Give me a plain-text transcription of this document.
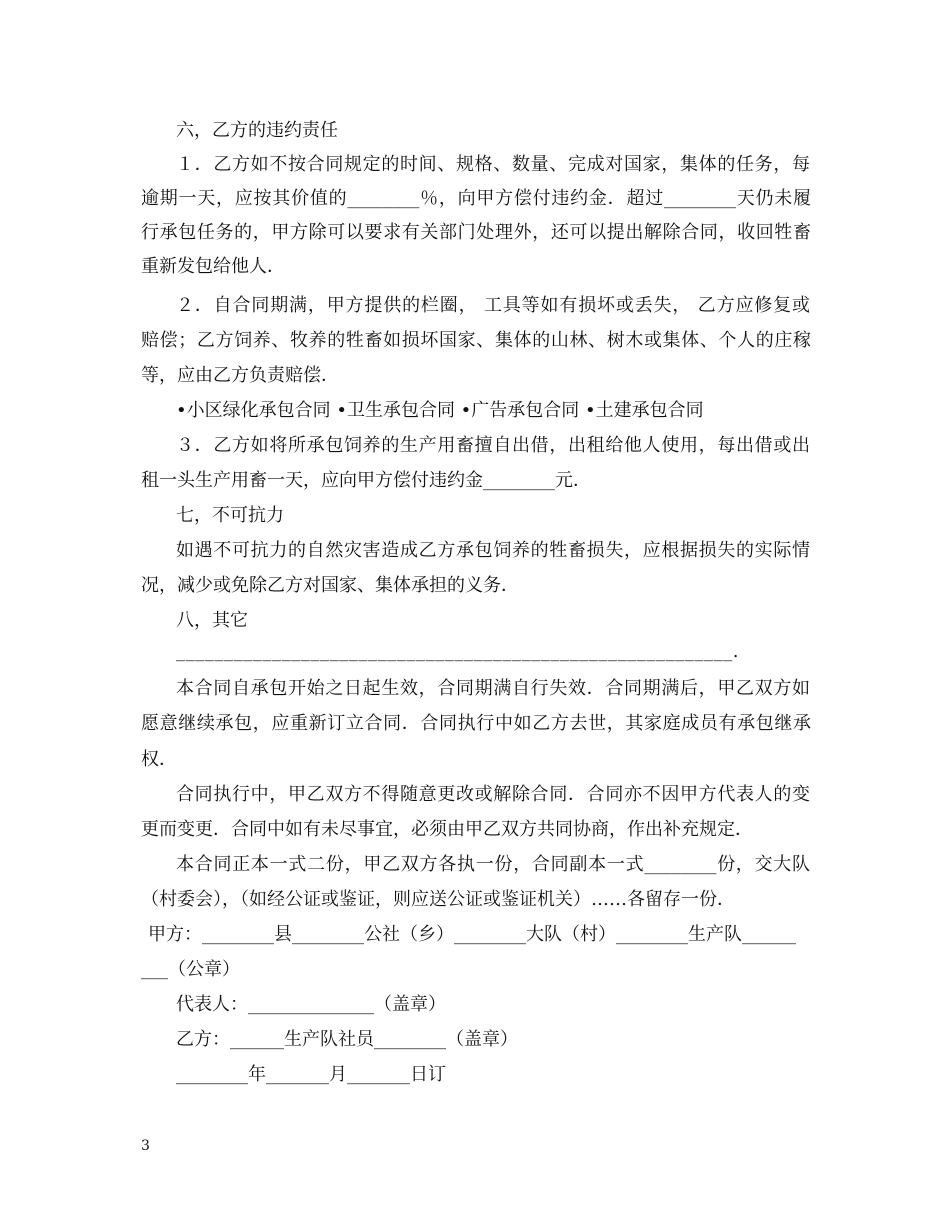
六，乙方的违约责任
１．乙方如不按合同规定的时间、规格、数量、完成对国家，集体的任务，每
逾期一天，应按其价值的________％，向甲方偿付违约金．超过________天仍未履
行承包任务的，甲方除可以要求有关部门处理外，还可以提出解除合同，收回牲畜
重新发包给他人．
２．自合同期满，甲方提供的栏圈， 工具等如有损坏或丢失， 乙方应修复或
赔偿；乙方饲养、牧养的牲畜如损坏国家、集体的山林、树木或集体、个人的庄稼
等，应由乙方负责赔偿．
•小区绿化承包合同 •卫生承包合同 •广告承包合同 •土建承包合同
３．乙方如将所承包饲养的生产用畜擅自出借，出租给他人使用，每出借或出
租一头生产用畜一天，应向甲方偿付违约金________元．
七，不可抗力
如遇不可抗力的自然灾害造成乙方承包饲养的牲畜损失，应根据损失的实际情
况，减少或免除乙方对国家、集体承担的义务．
八，其它
__________________________________________________________.
本合同自承包开始之日起生效，合同期满自行失效．合同期满后，甲乙双方如
愿意继续承包，应重新订立合同．合同执行中如乙方去世，其家庭成员有承包继承
权．
合同执行中，甲乙双方不得随意更改或解除合同．合同亦不因甲方代表人的变
更而变更．合同中如有未尽事宜，必须由甲乙双方共同协商，作出补充规定．
本合同正本一式二份，甲乙双方各执一份，合同副本一式________份，交大队
（村委会），（如经公证或鉴证，则应送公证或鉴证机关）……各留存一份．
甲方：________县________公社（乡）________大队（村）________生产队______
___（公章）
代表人：______________（盖章）
乙方：______生产队社员________（盖章）
________年_______月_______日订
3
